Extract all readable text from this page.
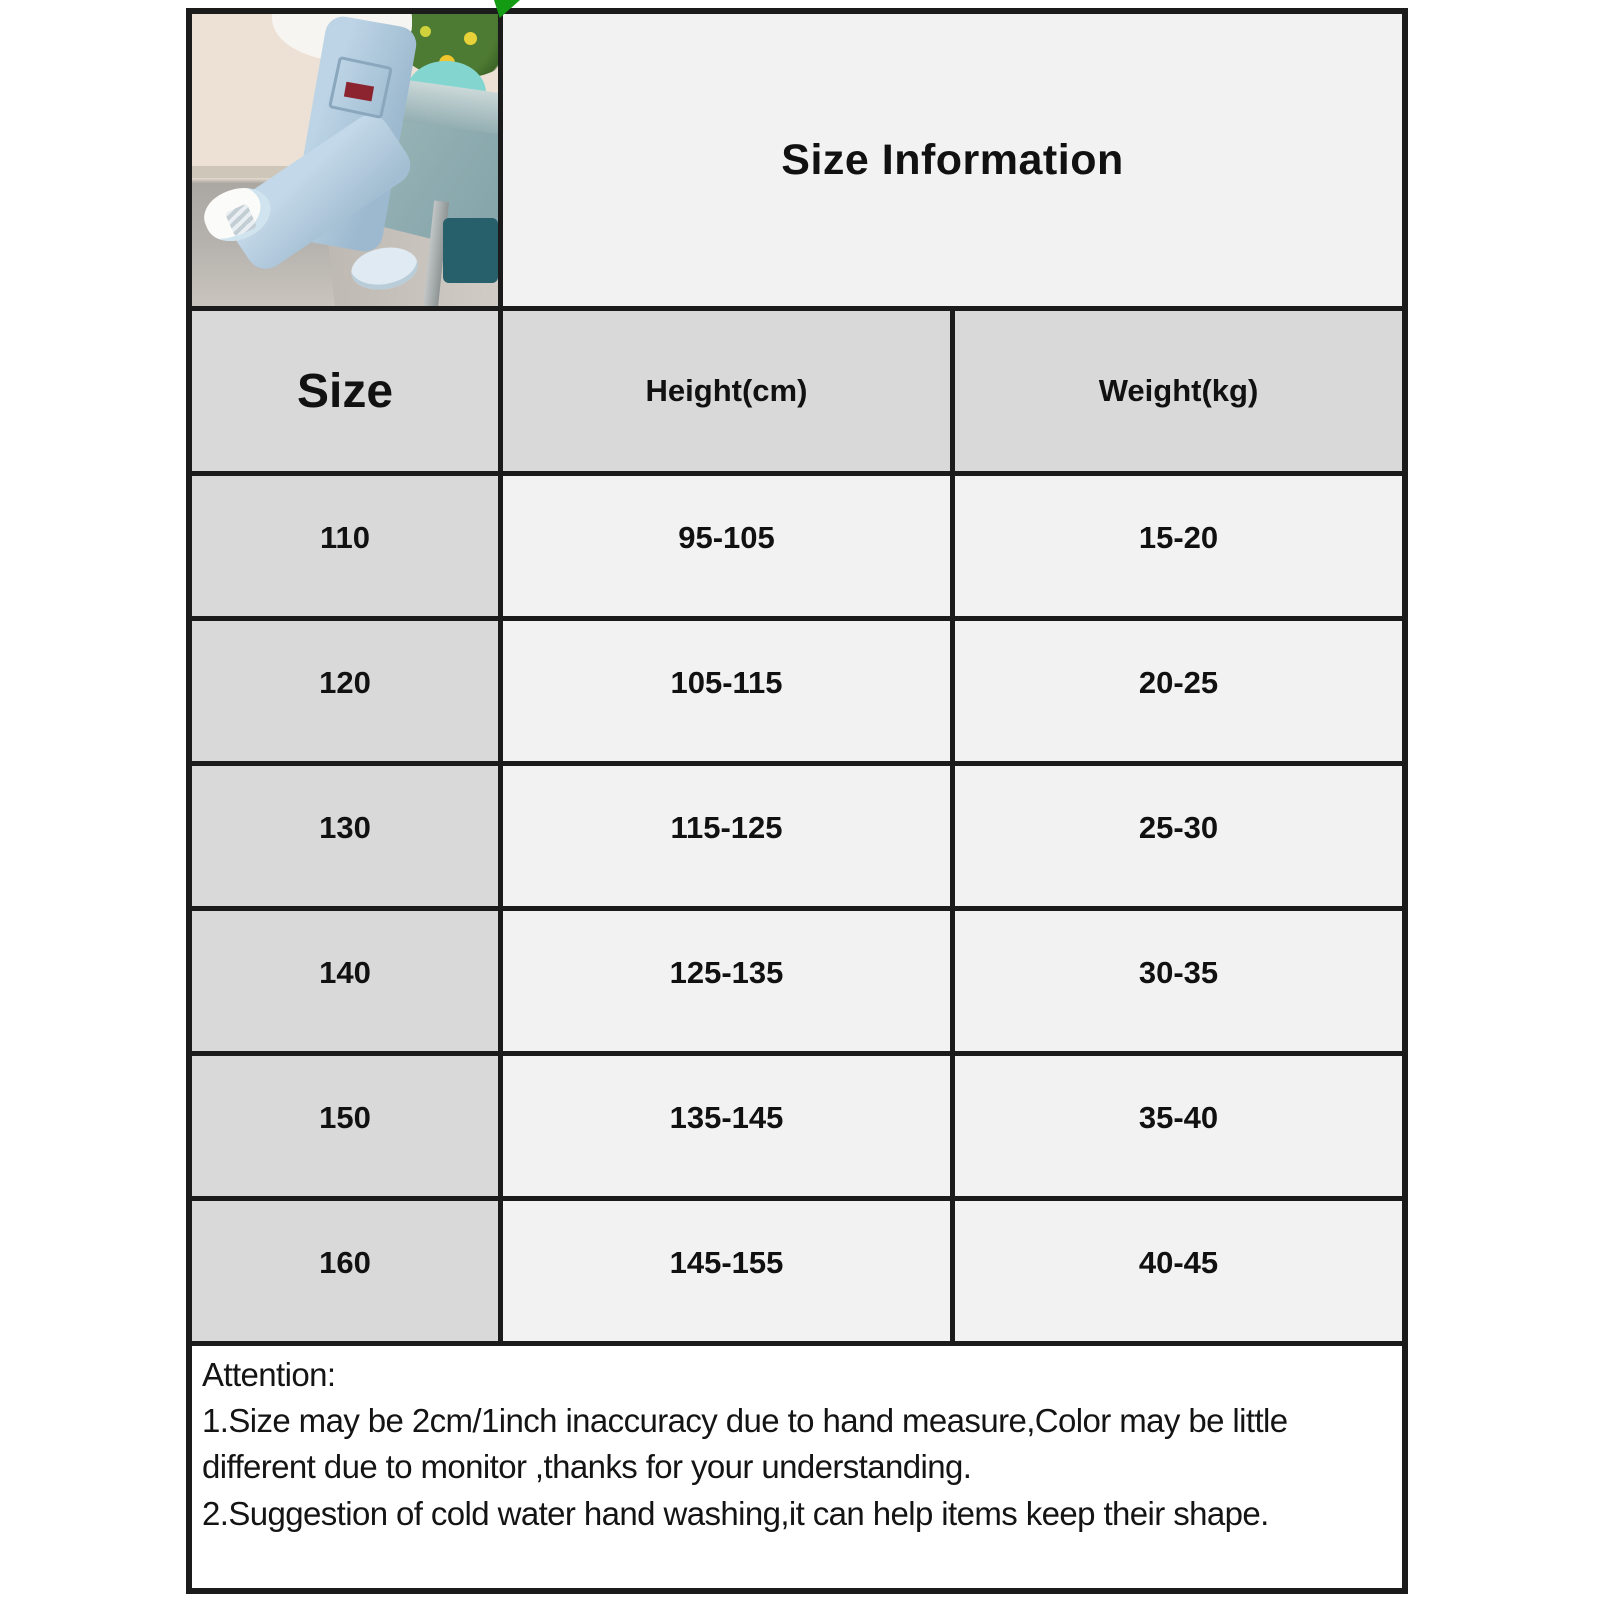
Size Information
Size	Height(cm)	Weight(kg)
110	95-105	15-20
120	105-115	20-25
130	115-125	25-30
140	125-135	30-35
150	135-145	35-40
160	145-155	40-45
Attention:
1.Size may be 2cm/1inch inaccuracy due to hand measure,Color may be little different due to monitor ,thanks for your understanding.
2.Suggestion of cold water hand washing,it can help items keep their shape.
